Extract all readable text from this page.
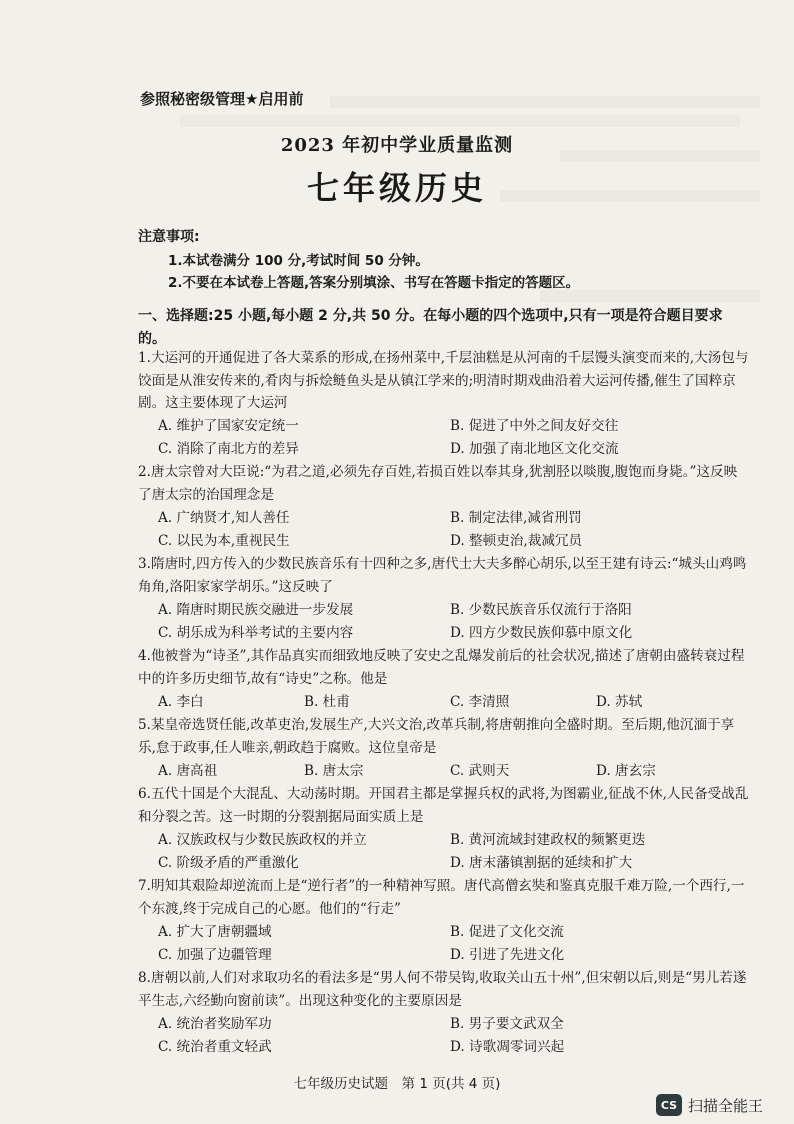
参照秘密级管理★启用前
2023 年初中学业质量监测
七年级历史
注意事项:
1.本试卷满分 100 分,考试时间 50 分钟。
2.不要在本试卷上答题,答案分别填涂、书写在答题卡指定的答题区。
一、选择题:25 小题,每小题 2 分,共 50 分。在每小题的四个选项中,只有一项是符合题目要求的。
1.大运河的开通促进了各大菜系的形成,在扬州菜中,千层油糕是从河南的千层馒头演变而来的,大汤包与饺面是从淮安传来的,肴肉与拆烩鲢鱼头是从镇江学来的;明清时期戏曲沿着大运河传播,催生了国粹京剧。这主要体现了大运河
A. 维护了国家安定统一	B. 促进了中外之间友好交往
C. 消除了南北方的差异	D. 加强了南北地区文化交流
2.唐太宗曾对大臣说:“为君之道,必须先存百姓,若损百姓以奉其身,犹割胫以啖腹,腹饱而身毙。”这反映了唐太宗的治国理念是
A. 广纳贤才,知人善任	B. 制定法律,减省刑罚
C. 以民为本,重视民生	D. 整顿吏治,裁减冗员
3.隋唐时,四方传入的少数民族音乐有十四种之多,唐代士大夫多醉心胡乐,以至王建有诗云:“城头山鸡鸣角角,洛阳家家学胡乐。”这反映了
A. 隋唐时期民族交融进一步发展	B. 少数民族音乐仅流行于洛阳
C. 胡乐成为科举考试的主要内容	D. 四方少数民族仰慕中原文化
4.他被誉为“诗圣”,其作品真实而细致地反映了安史之乱爆发前后的社会状况,描述了唐朝由盛转衰过程中的许多历史细节,故有“诗史”之称。他是
A. 李白	B. 杜甫	C. 李清照	D. 苏轼
5.某皇帝选贤任能,改革吏治,发展生产,大兴文治,改革兵制,将唐朝推向全盛时期。至后期,他沉湎于享乐,怠于政事,任人唯亲,朝政趋于腐败。这位皇帝是
A. 唐高祖	B. 唐太宗	C. 武则天	D. 唐玄宗
6.五代十国是个大混乱、大动荡时期。开国君主都是掌握兵权的武将,为图霸业,征战不休,人民备受战乱和分裂之苦。这一时期的分裂割据局面实质上是
A. 汉族政权与少数民族政权的并立	B. 黄河流域封建政权的频繁更迭
C. 阶级矛盾的严重激化	D. 唐末藩镇割据的延续和扩大
7.明知其艰险却逆流而上是“逆行者”的一种精神写照。唐代高僧玄奘和鉴真克服千难万险,一个西行,一个东渡,终于完成自己的心愿。他们的“行走”
A. 扩大了唐朝疆域	B. 促进了文化交流
C. 加强了边疆管理	D. 引进了先进文化
8.唐朝以前,人们对求取功名的看法多是“男人何不带吴钩,收取关山五十州”,但宋朝以后,则是“男儿若遂平生志,六经勤向窗前读”。出现这种变化的主要原因是
A. 统治者奖励军功	B. 男子要文武双全
C. 统治者重文轻武	D. 诗歌凋零词兴起
七年级历史试题　第 1 页(共 4 页)
CS 扫描全能王
